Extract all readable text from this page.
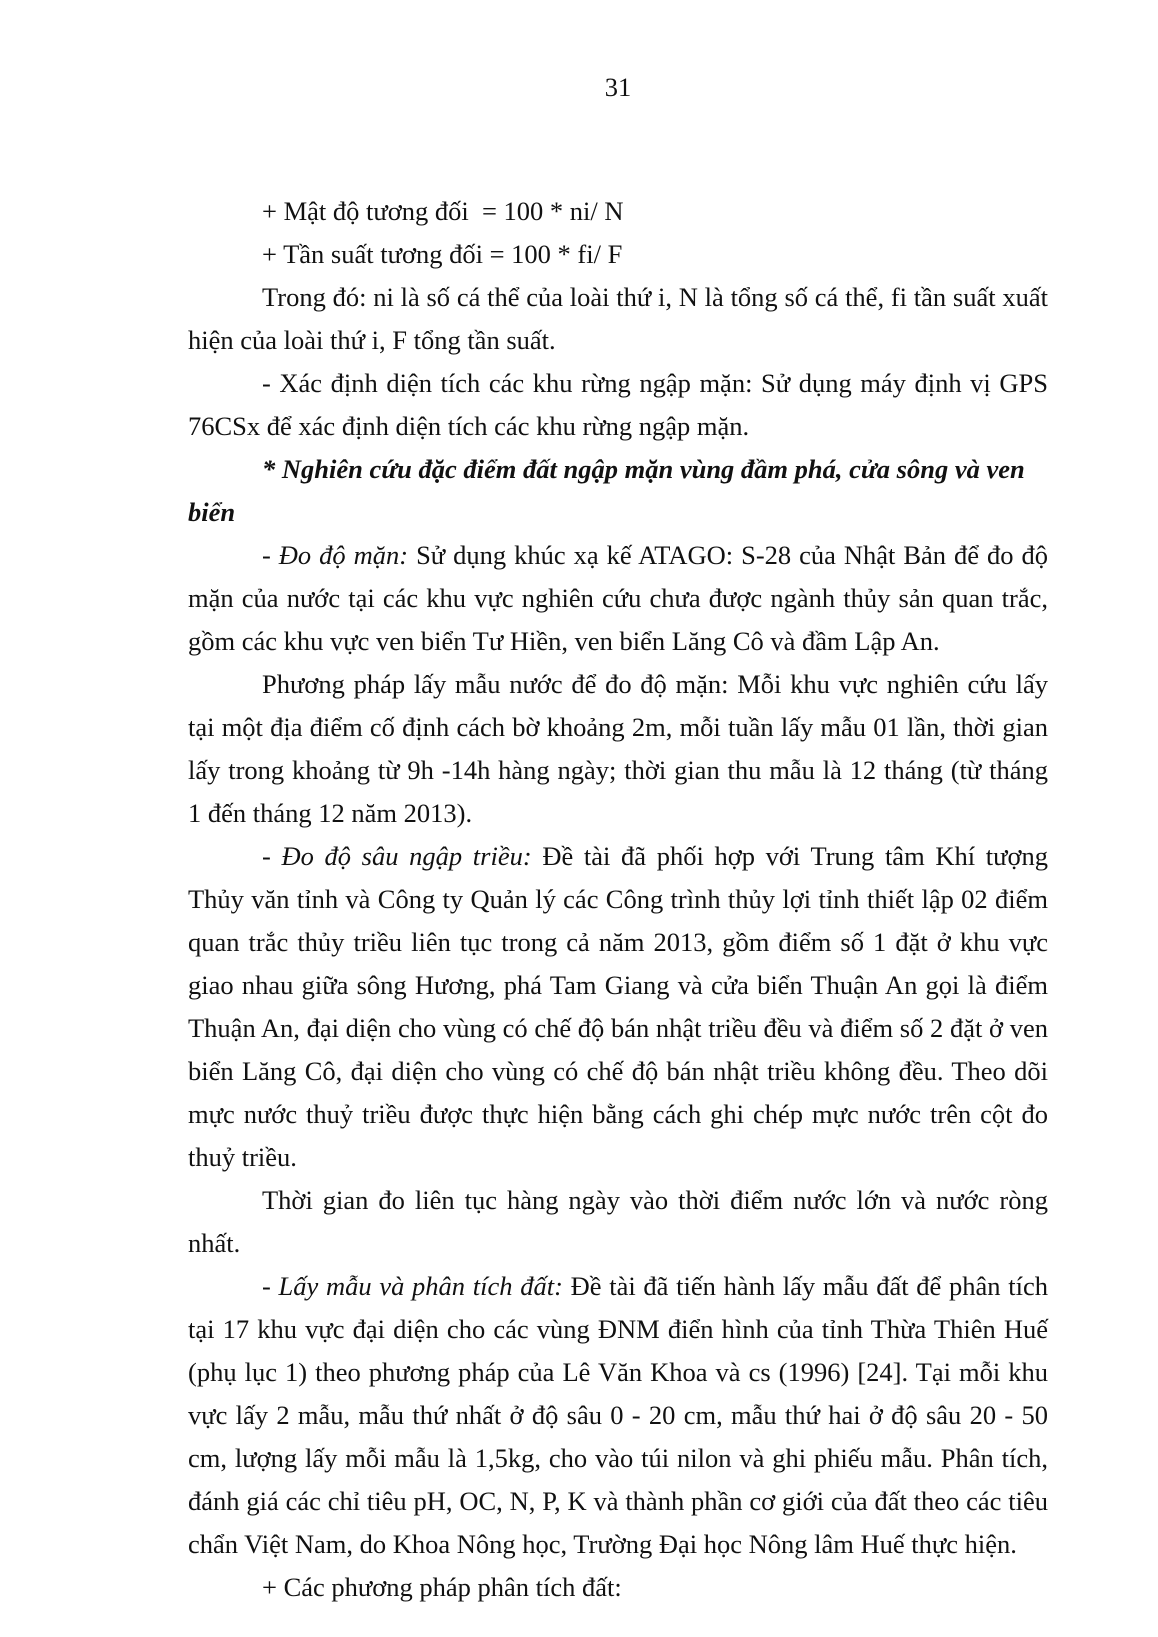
31

+ Mật độ tương đối  = 100 * ni/ N

+ Tần suất tương đối = 100 * fi/ F

Trong đó: ni là số cá thể của loài thứ i, N là tổng số cá thể, fi tần suất xuất hiện của loài thứ i, F tổng tần suất.

- Xác định diện tích các khu rừng ngập mặn: Sử dụng máy định vị GPS 76CSx để xác định diện tích các khu rừng ngập mặn.

* Nghiên cứu đặc điểm đất ngập mặn vùng đầm phá, cửa sông và ven biển

- Đo độ mặn: Sử dụng khúc xạ kế ATAGO: S-28 của Nhật Bản để đo độ mặn của nước tại các khu vực nghiên cứu chưa được ngành thủy sản quan trắc, gồm các khu vực ven biển Tư Hiền, ven biển Lăng Cô và đầm Lập An.

Phương pháp lấy mẫu nước để đo độ mặn: Mỗi khu vực nghiên cứu lấy tại một địa điểm cố định cách bờ khoảng 2m, mỗi tuần lấy mẫu 01 lần, thời gian lấy trong khoảng từ 9h -14h hàng ngày; thời gian thu mẫu là 12 tháng (từ tháng 1 đến tháng 12 năm 2013).

- Đo độ sâu ngập triều: Đề tài đã phối hợp với Trung tâm Khí tượng Thủy văn tỉnh và Công ty Quản lý các Công trình thủy lợi tỉnh thiết lập 02 điểm quan trắc thủy triều liên tục trong cả năm 2013, gồm điểm số 1 đặt ở khu vực giao nhau giữa sông Hương, phá Tam Giang và cửa biển Thuận An gọi là điểm Thuận An, đại diện cho vùng có chế độ bán nhật triều đều và điểm số 2 đặt ở ven biển Lăng Cô, đại diện cho vùng có chế độ bán nhật triều không đều. Theo dõi mực nước thuỷ triều được thực hiện bằng cách ghi chép mực nước trên cột đo thuỷ triều.

Thời gian đo liên tục hàng ngày vào thời điểm nước lớn và nước ròng nhất.

- Lấy mẫu và phân tích đất: Đề tài đã tiến hành lấy mẫu đất để phân tích tại 17 khu vực đại diện cho các vùng ĐNM điển hình của tỉnh Thừa Thiên Huế (phụ lục 1) theo phương pháp của Lê Văn Khoa và cs (1996) [24]. Tại mỗi khu vực lấy 2 mẫu, mẫu thứ nhất ở độ sâu 0 - 20 cm, mẫu thứ hai ở độ sâu 20 - 50 cm, lượng lấy mỗi mẫu là 1,5kg, cho vào túi nilon và ghi phiếu mẫu. Phân tích, đánh giá các chỉ tiêu pH, OC, N, P, K và thành phần cơ giới của đất theo các tiêu chẩn Việt Nam, do Khoa Nông học, Trường Đại học Nông lâm Huế thực hiện.

+ Các phương pháp phân tích đất:
